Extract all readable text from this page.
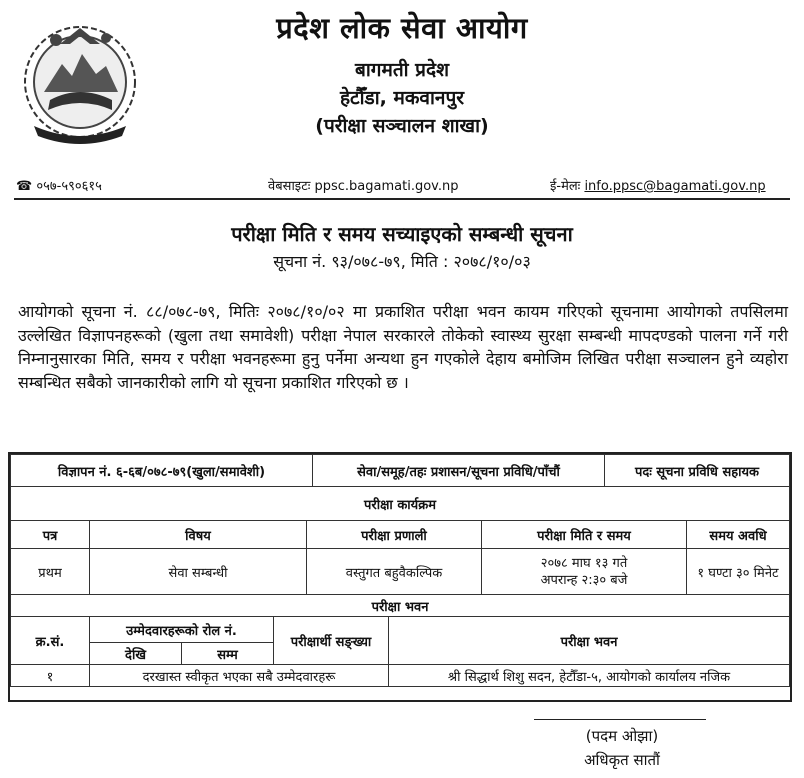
प्रदेश लोक सेवा आयोग
बागमती प्रदेश
हेटौँडा, मकवानपुर
(परीक्षा सञ्चालन शाखा)
☎ ०५७-५९०६१५	वेबसाइटः ppsc.bagamati.gov.np	ई-मेलः info.ppsc@bagamati.gov.np
परीक्षा मिति र समय सच्याइएको सम्बन्धी सूचना
सूचना नं. ९३/०७८-७९, मिति : २०७८/१०/०३
आयोगको सूचना नं. ८८/०७८-७९, मितिः २०७८/१०/०२ मा प्रकाशित परीक्षा भवन कायम गरिएको सूचनामा आयोगको तपसिलमा उल्लेखित विज्ञापनहरूको (खुला तथा समावेशी) परीक्षा नेपाल सरकारले तोकेको स्वास्थ्य सुरक्षा सम्बन्धी मापदण्डको पालना गर्ने गरी निम्नानुसारका मिति, समय र परीक्षा भवनहरूमा हुनु पर्नेमा अन्यथा हुन गएकोले देहाय बमोजिम लिखित परीक्षा सञ्चालन हुने व्यहोरा सम्बन्धित सबैको जानकारीको लागि यो सूचना प्रकाशित गरिएको छ ।
विज्ञापन नं. ६-६ब/०७८-७९(खुला/समावेशी)	सेवा/समूह/तहः प्रशासन/सूचना प्रविधि/पाँचौं	पदः सूचना प्रविधि सहायक
परीक्षा कार्यक्रम
पत्र	विषय	परीक्षा प्रणाली	परीक्षा मिति र समय	समय अवधि
प्रथम	सेवा सम्बन्धी	वस्तुगत बहुवैकल्पिक	२०७८ माघ १३ गते
अपरान्ह २:३० बजे	१ घण्टा ३० मिनेट
परीक्षा भवन				
क्र.सं.	उम्मेदवारहरूको रोल नं.		परीक्षार्थी सङ्ख्या	परीक्षा भवन
	देखि	सम्म		
१	दरखास्त स्वीकृत भएका सबै उम्मेदवारहरू			श्री सिद्धार्थ शिशु सदन, हेटौँडा-५, आयोगको कार्यालय नजिक
(पदम ओझा)
अधिकृत सातौं
